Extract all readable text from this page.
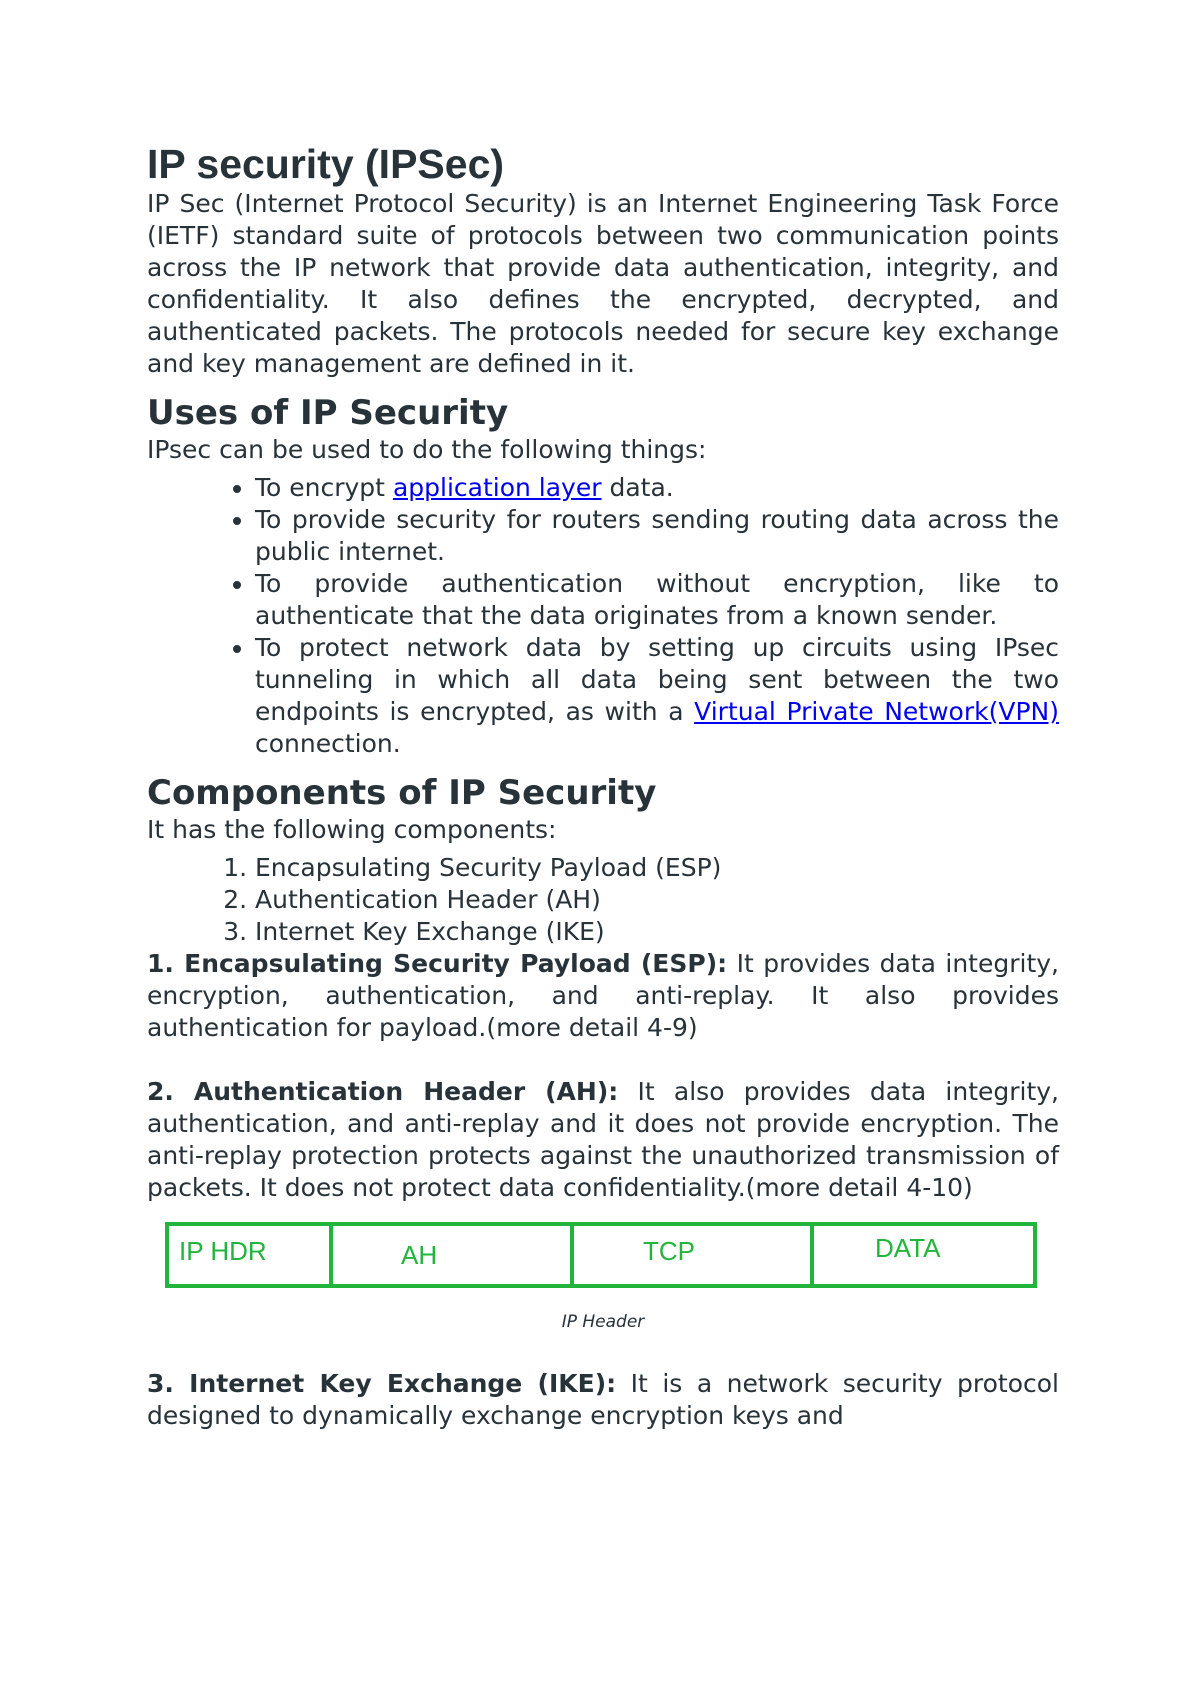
IP security (IPSec)

IP Sec (Internet Protocol Security) is an Internet Engineering Task Force (IETF) standard suite of protocols between two communication points across the IP network that provide data authentication, integrity, and confidentiality. It also defines the encrypted, decrypted, and authenticated packets. The protocols needed for secure key exchange and key management are defined in it.

Uses of IP Security

IPsec can be used to do the following things:

• To encrypt application layer data.
• To provide security for routers sending routing data across the public internet.
• To provide authentication without encryption, like to authenticate that the data originates from a known sender.
• To protect network data by setting up circuits using IPsec tunneling in which all data being sent between the two endpoints is encrypted, as with a Virtual Private Network(VPN) connection.
Components of IP Security

It has the following components:

1. Encapsulating Security Payload (ESP)
2. Authentication Header (AH)
3. Internet Key Exchange (IKE)

1. Encapsulating Security Payload (ESP): It provides data integrity, encryption, authentication, and anti-replay. It also provides authentication for payload.(more detail 4-9)

2. Authentication Header (AH): It also provides data integrity, authentication, and anti-replay and it does not provide encryption. The anti-replay protection protects against the unauthorized transmission of packets. It does not protect data confidentiality.(more detail 4-10)

IP HDR	AH	TCP	DATA
IP Header

3. Internet Key Exchange (IKE): It is a network security protocol designed to dynamically exchange encryption keys and
